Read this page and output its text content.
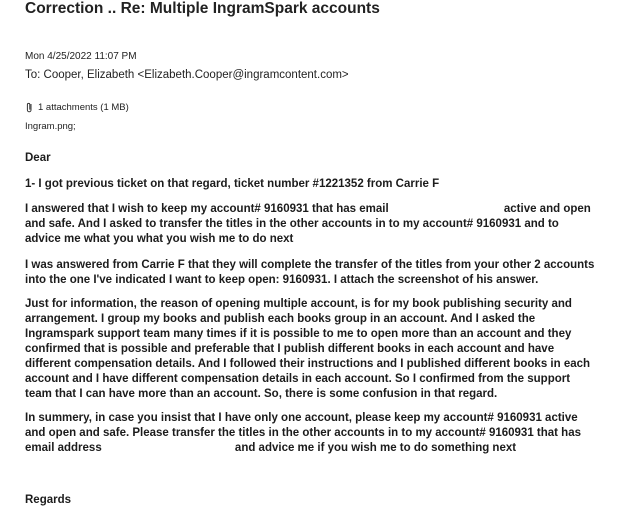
Correction .. Re: Multiple IngramSpark accounts
Mon 4/25/2022 11:07 PM
To: Cooper, Elizabeth <Elizabeth.Cooper@ingramcontent.com>
1 attachments (1 MB)
Ingram.png;

Dear

1- I got previous ticket on that regard, ticket number #1221352 from Carrie F

I answered that I wish to keep my account# 9160931 that has email	active and open and safe. And I asked to transfer the titles in the other accounts in to my account# 9160931 and to advice me what you what you wish me to do next

I was answered from Carrie F that they will complete the transfer of the titles from your other 2 accounts into the one I've indicated I want to keep open: 9160931. I attach the screenshot of his answer.

Just for information, the reason of opening multiple account, is for my book publishing security and arrangement. I group my books and publish each books group in an account. And I asked the Ingramspark support team many times if it is possible to me to open more than an account and they confirmed that is possible and preferable that I publish different books in each account and have different compensation details. And I followed their instructions and I published different books in each account and I have different compensation details in each account. So I confirmed from the support team that I can have more than an account. So, there is some confusion in that regard.

In summery, in case you insist that I have only one account, please keep my account# 9160931 active and open and safe. Please transfer the titles in the other accounts in to my account# 9160931 that has email address	and advice me if you wish me to do something next

Regards
